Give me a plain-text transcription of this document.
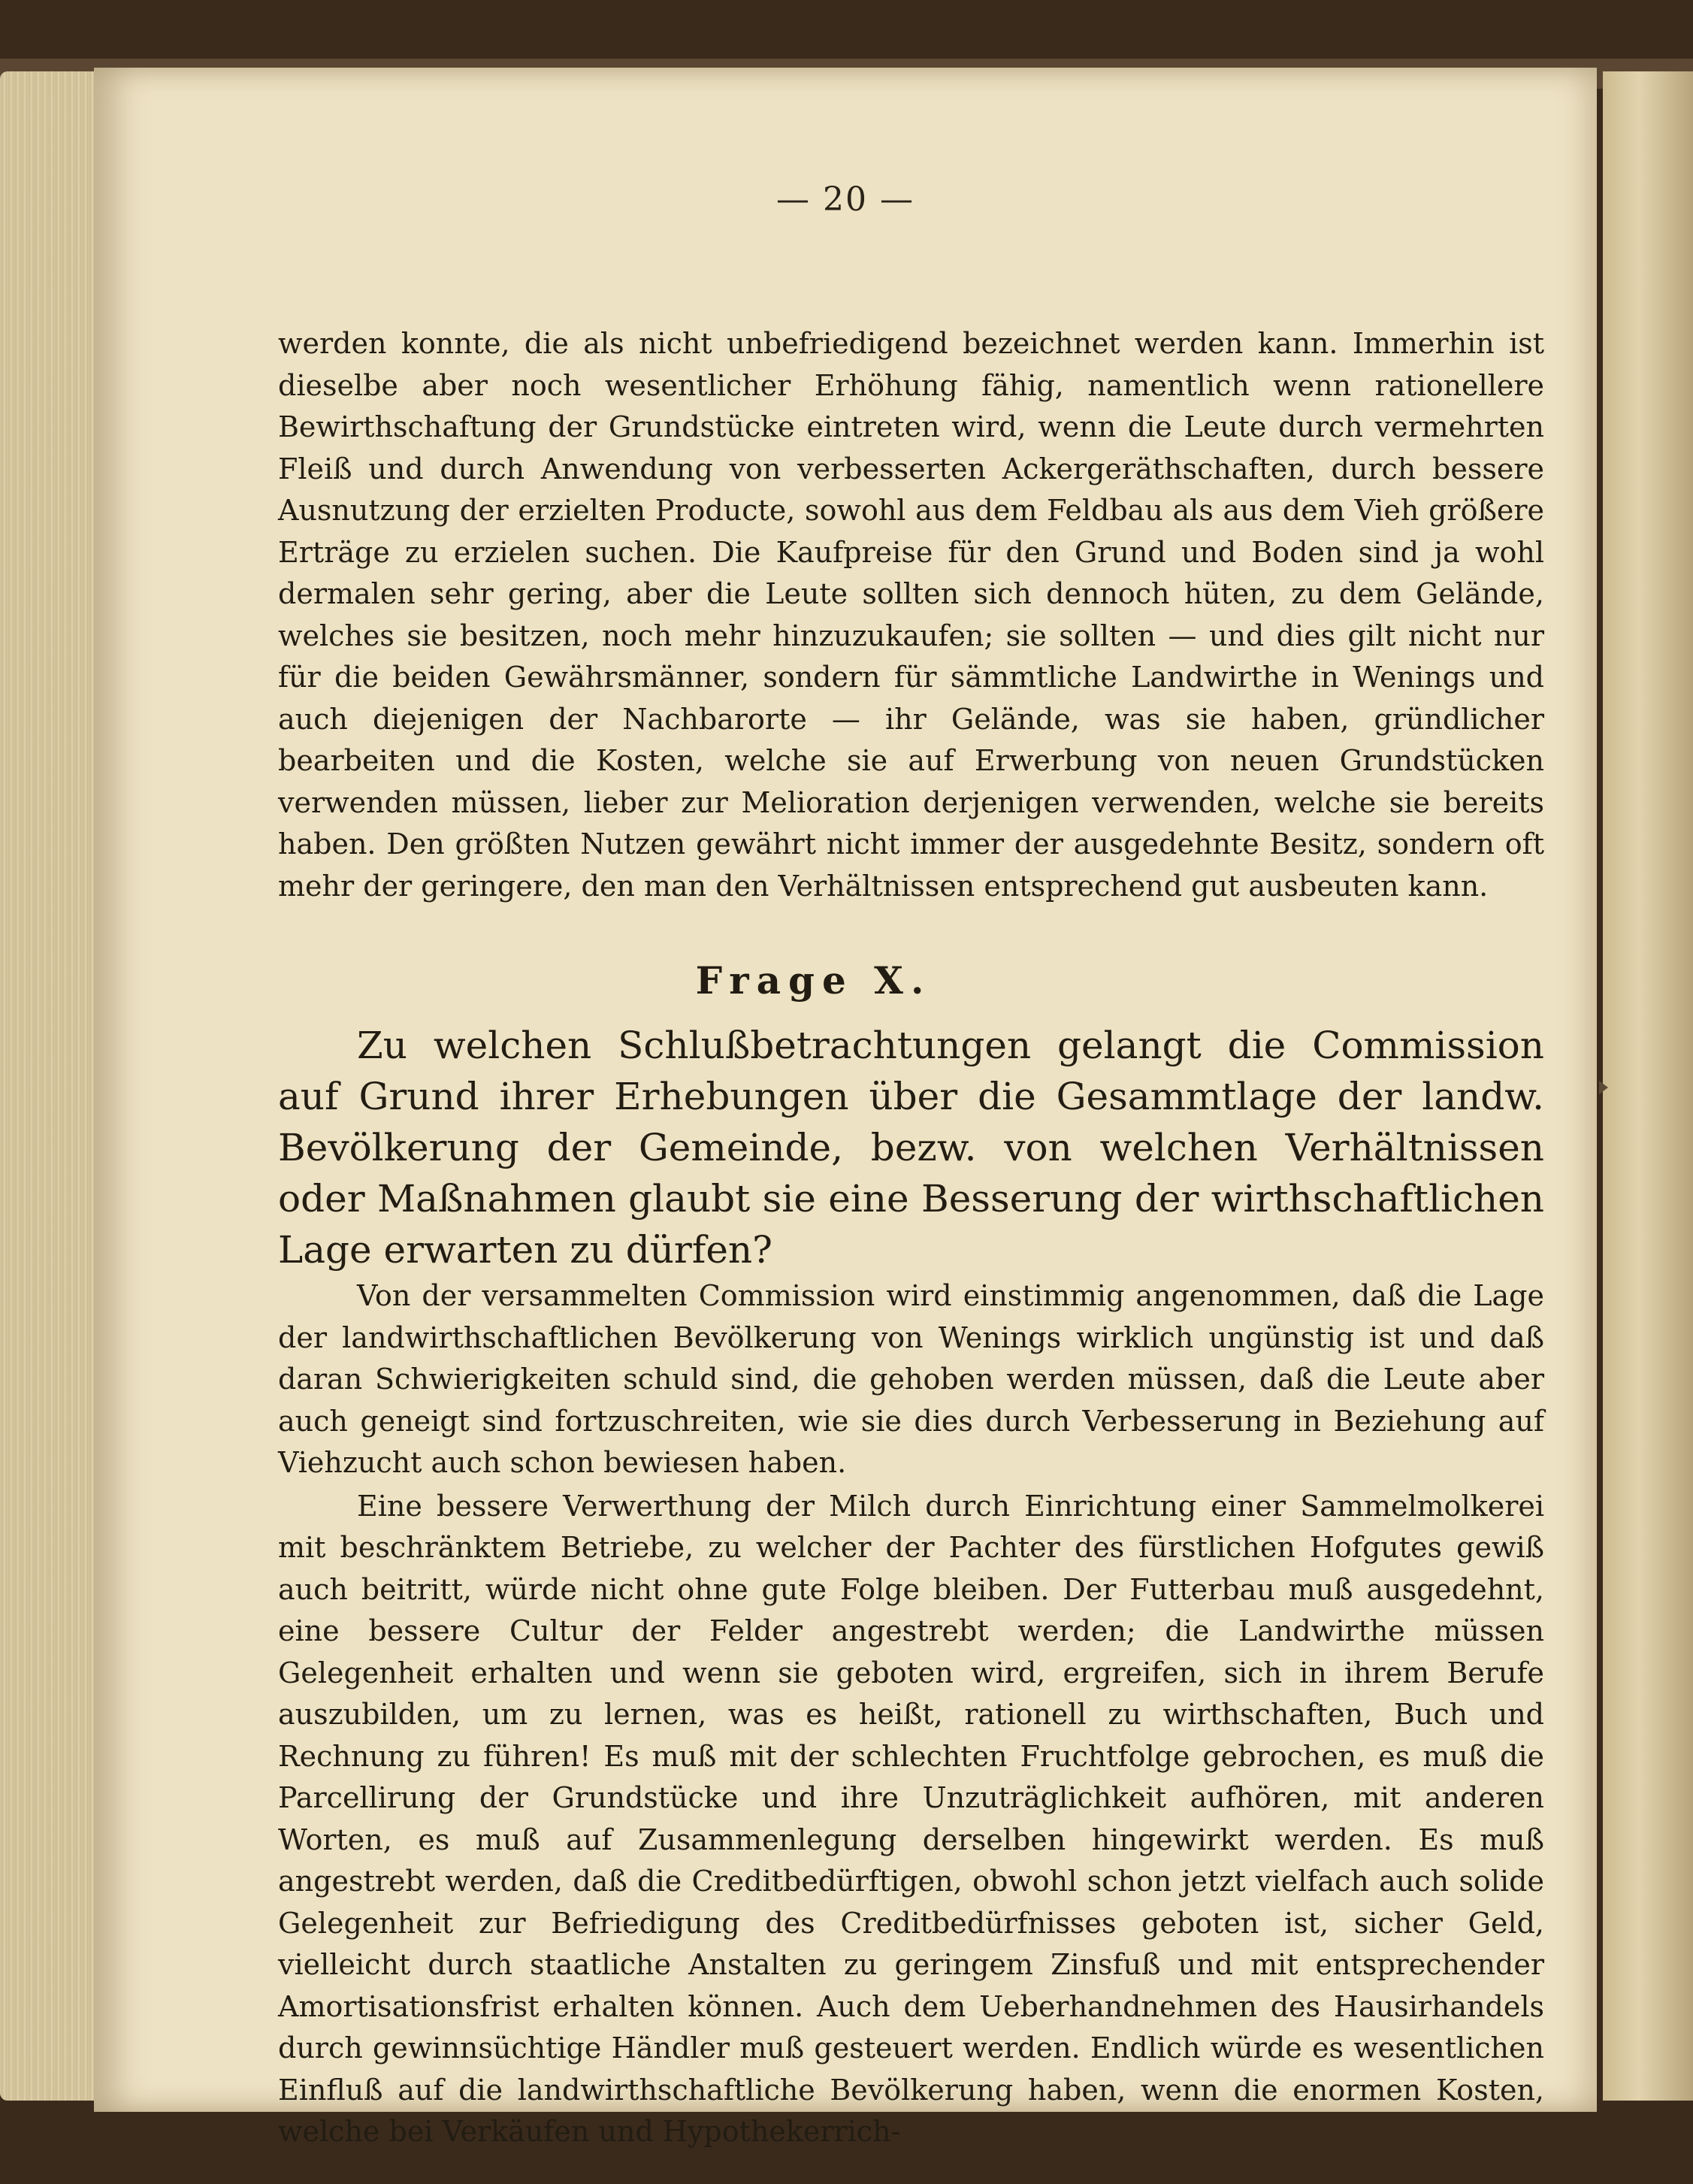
— 20 —

werden konnte, die als nicht unbefriedigend bezeichnet werden kann. Immerhin ist dieselbe aber noch wesentlicher Erhöhung fähig, namentlich wenn rationellere Bewirthschaftung der Grundstücke eintreten wird, wenn die Leute durch vermehrten Fleiß und durch Anwendung von verbesserten Ackergeräthschaften, durch bessere Ausnutzung der erzielten Producte, sowohl aus dem Feldbau als aus dem Vieh größere Erträge zu erzielen suchen. Die Kaufpreise für den Grund und Boden sind ja wohl dermalen sehr gering, aber die Leute sollten sich dennoch hüten, zu dem Gelände, welches sie besitzen, noch mehr hinzuzukaufen; sie sollten — und dies gilt nicht nur für die beiden Gewährsmänner, sondern für sämmtliche Landwirthe in Wenings und auch diejenigen der Nachbarorte — ihr Gelände, was sie haben, gründlicher bearbeiten und die Kosten, welche sie auf Erwerbung von neuen Grundstücken verwenden müssen, lieber zur Melioration derjenigen verwenden, welche sie bereits haben. Den größten Nutzen gewährt nicht immer der ausgedehnte Besitz, sondern oft mehr der geringere, den man den Verhältnissen entsprechend gut ausbeuten kann.

Frage X.

Zu welchen Schlußbetrachtungen gelangt die Commission auf Grund ihrer Erhebungen über die Gesammtlage der landw. Bevölkerung der Gemeinde, bezw. von welchen Verhältnissen oder Maßnahmen glaubt sie eine Besserung der wirthschaftlichen Lage erwarten zu dürfen?

Von der versammelten Commission wird einstimmig angenommen, daß die Lage der landwirthschaftlichen Bevölkerung von Wenings wirklich ungünstig ist und daß daran Schwierigkeiten schuld sind, die gehoben werden müssen, daß die Leute aber auch geneigt sind fortzuschreiten, wie sie dies durch Verbesserung in Beziehung auf Viehzucht auch schon bewiesen haben.

Eine bessere Verwerthung der Milch durch Einrichtung einer Sammelmolkerei mit beschränktem Betriebe, zu welcher der Pachter des fürstlichen Hofgutes gewiß auch beitritt, würde nicht ohne gute Folge bleiben. Der Futterbau muß ausgedehnt, eine bessere Cultur der Felder angestrebt werden; die Landwirthe müssen Gelegenheit erhalten und wenn sie geboten wird, ergreifen, sich in ihrem Berufe auszubilden, um zu lernen, was es heißt, rationell zu wirthschaften, Buch und Rechnung zu führen! Es muß mit der schlechten Fruchtfolge gebrochen, es muß die Parcellirung der Grundstücke und ihre Unzuträglichkeit aufhören, mit anderen Worten, es muß auf Zusammenlegung derselben hingewirkt werden. Es muß angestrebt werden, daß die Creditbedürftigen, obwohl schon jetzt vielfach auch solide Gelegenheit zur Befriedigung des Creditbedürfnisses geboten ist, sicher Geld, vielleicht durch staatliche Anstalten zu geringem Zinsfuß und mit entsprechender Amortisationsfrist erhalten können. Auch dem Ueberhandnehmen des Hausirhandels durch gewinnsüchtige Händler muß gesteuert werden. Endlich würde es wesentlichen Einfluß auf die landwirthschaftliche Bevölkerung haben, wenn die enormen Kosten, welche bei Verkäufen und Hypothekerrich-
